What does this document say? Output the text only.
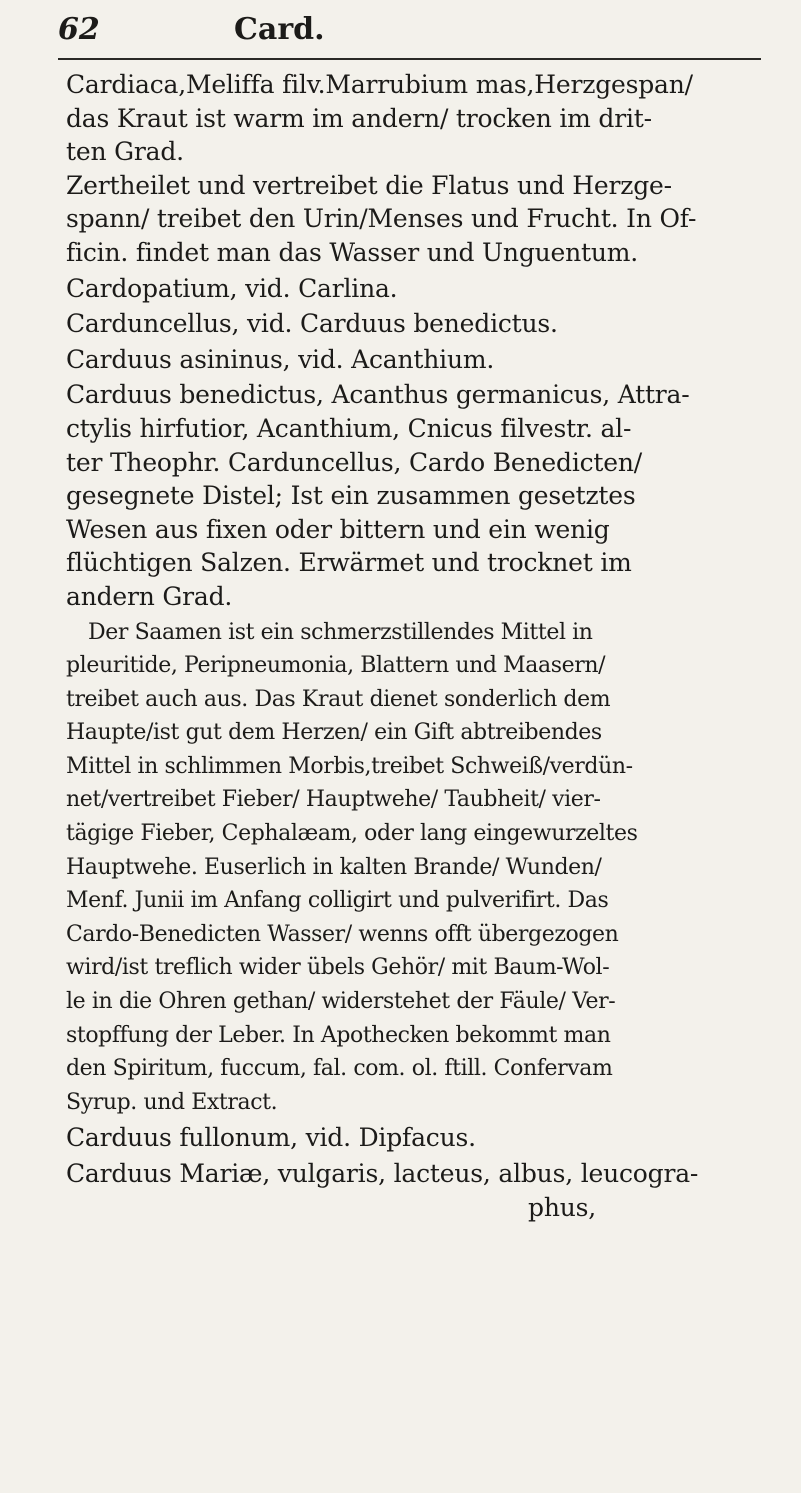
62	Card.
Cardiaca,Meliffa filv.Marrubium mas,Herzgespan/
das Kraut ist warm im andern/ trocken im drit-
ten Grad.
Zertheilet und vertreibet die Flatus und Herzge-
spann/ treibet den Urin/Menses und Frucht. In Of-
ficin. findet man das Wasser und Unguentum.
Cardopatium, vid. Carlina.
Carduncellus, vid. Carduus benedictus.
Carduus asininus, vid. Acanthium.
Carduus benedictus, Acanthus germanicus, Attra-
ctylis hirfutior, Acanthium, Cnicus filvestr. al-
ter Theophr. Carduncellus, Cardo Benedicten/
gesegnete Distel; Ist ein zusammen gesetztes
Wesen aus fixen oder bittern und ein wenig
flüchtigen Salzen. Erwärmet und trocknet im
andern Grad.
Der Saamen ist ein schmerzstillendes Mittel in
pleuritide, Peripneumonia, Blattern und Maasern/
treibet auch aus. Das Kraut dienet sonderlich dem
Haupte/ist gut dem Herzen/ ein Gift abtreibendes
Mittel in schlimmen Morbis,treibet Schweiß/verdün-
net/vertreibet Fieber/ Hauptwehe/ Taubheit/ vier-
tägige Fieber, Cephalæam, oder lang eingewurzeltes
Hauptwehe. Euserlich in kalten Brande/ Wunden/
Menf. Junii im Anfang colligirt und pulverifirt. Das
Cardo-Benedicten Wasser/ wenns offt übergezogen
wird/ist treflich wider übels Gehör/ mit Baum-Wol-
le in die Ohren gethan/ widerstehet der Fäule/ Ver-
stopffung der Leber. In Apothecken bekommt man
den Spiritum, fuccum, fal. com. ol. ftill. Confervam
Syrup. und Extract.
Carduus fullonum, vid. Dipfacus.
Carduus Mariæ, vulgaris, lacteus, albus, leucogra-
phus,
